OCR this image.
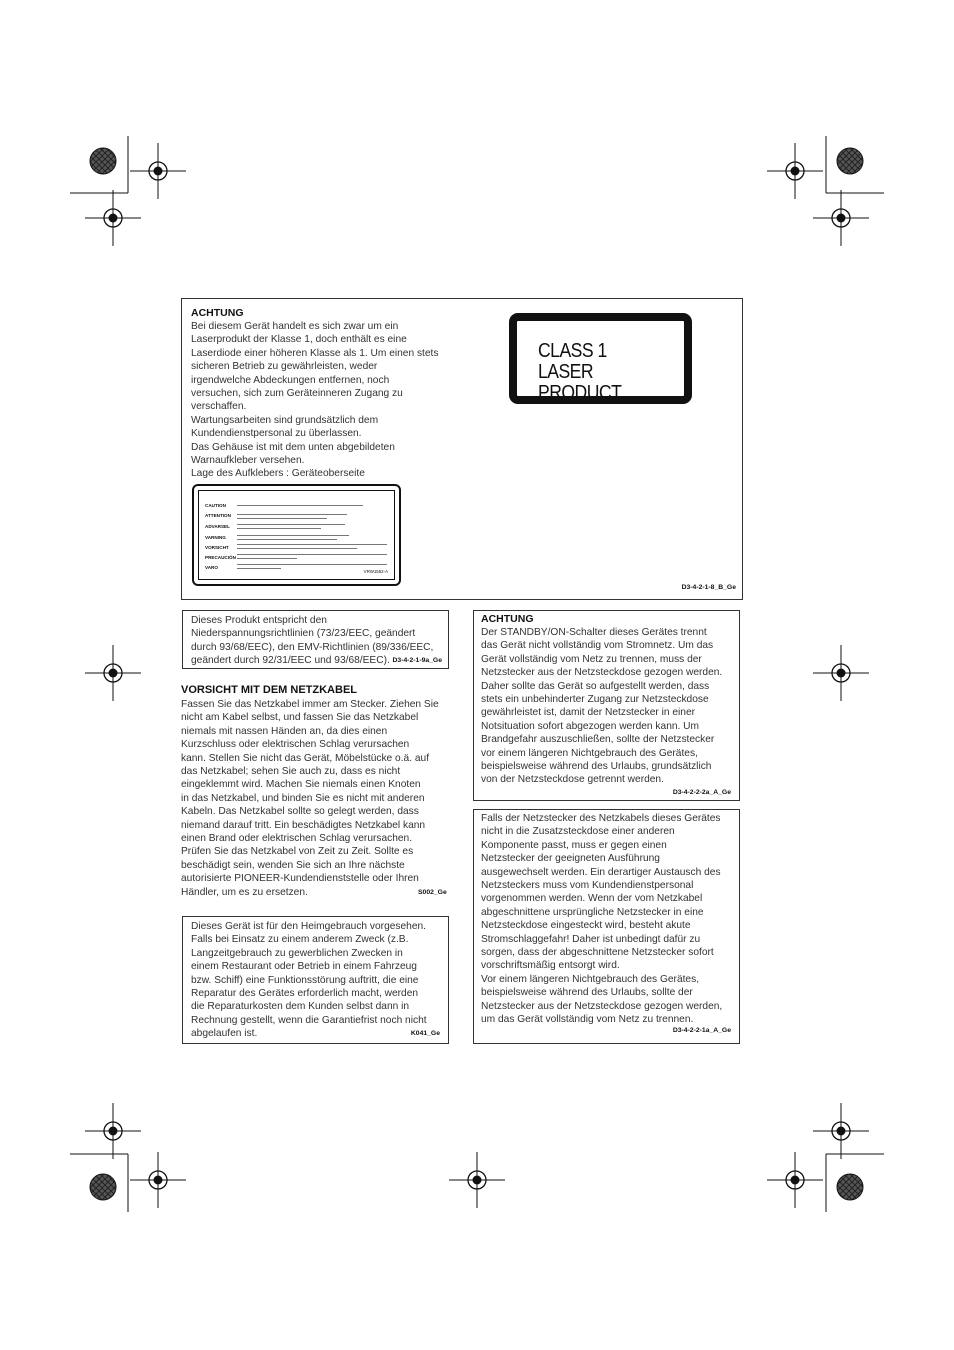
ACHTUNG

Bei diesem Gerät handelt es sich zwar um ein
Laserprodukt der Klasse 1, doch enthält es eine
Laserdiode einer höheren Klasse als 1. Um einen stets
sicheren Betrieb zu gewährleisten, weder
irgendwelche Abdeckungen entfernen, noch
versuchen, sich zum Geräteinneren Zugang zu
verschaffen.
Wartungsarbeiten sind grundsätzlich dem
Kundendienstpersonal zu überlassen.
Das Gehäuse ist mit dem unten abgebildeten
Warnaufkleber versehen.
Lage des Aufklebers : Geräteoberseite

D3-4-2-1-8_B_Ge
CLASS 1
LASER PRODUCT
CAUTION
ATTENTION
ADVARSEL
VARNING
VORSICHT
PRECAUCIÓN
VARO
VRW1552-A

Dieses Produkt entspricht den
Niederspannungsrichtlinien (73/23/EEC, geändert
durch 93/68/EEC), den EMV-Richtlinien (89/336/EEC,
geändert durch 92/31/EEC und 93/68/EEC). D3-4-2-1-9a_Ge

VORSICHT MIT DEM NETZKABEL

Fassen Sie das Netzkabel immer am Stecker. Ziehen Sie
nicht am Kabel selbst, und fassen Sie das Netzkabel
niemals mit nassen Händen an, da dies einen
Kurzschluss oder elektrischen Schlag verursachen
kann. Stellen Sie nicht das Gerät, Möbelstücke o.ä. auf
das Netzkabel; sehen Sie auch zu, dass es nicht
eingeklemmt wird. Machen Sie niemals einen Knoten
in das Netzkabel, und binden Sie es nicht mit anderen
Kabeln. Das Netzkabel sollte so gelegt werden, dass
niemand darauf tritt. Ein beschädigtes Netzkabel kann
einen Brand oder elektrischen Schlag verursachen.
Prüfen Sie das Netzkabel von Zeit zu Zeit. Sollte es
beschädigt sein, wenden Sie sich an Ihre nächste
autorisierte PIONEER-Kundendienststelle oder Ihren
Händler, um es zu ersetzen.	S002_Ge

Dieses Gerät ist für den Heimgebrauch vorgesehen.
Falls bei Einsatz zu einem anderem Zweck (z.B.
Langzeitgebrauch zu gewerblichen Zwecken in
einem Restaurant oder Betrieb in einem Fahrzeug
bzw. Schiff) eine Funktionsstörung auftritt, die eine
Reparatur des Gerätes erforderlich macht, werden
die Reparaturkosten dem Kunden selbst dann in
Rechnung gestellt, wenn die Garantiefrist noch nicht
abgelaufen ist.	K041_Ge

ACHTUNG

Der STANDBY/ON-Schalter dieses Gerätes trennt
das Gerät nicht vollständig vom Stromnetz. Um das
Gerät vollständig vom Netz zu trennen, muss der
Netzstecker aus der Netzsteckdose gezogen werden.
Daher sollte das Gerät so aufgestellt werden, dass
stets ein unbehinderter Zugang zur Netzsteckdose
gewährleistet ist, damit der Netzstecker in einer
Notsituation sofort abgezogen werden kann. Um
Brandgefahr auszuschließen, sollte der Netzstecker
vor einem längeren Nichtgebrauch des Gerätes,
beispielsweise während des Urlaubs, grundsätzlich
von der Netzsteckdose getrennt werden.

D3-4-2-2-2a_A_Ge

Falls der Netzstecker des Netzkabels dieses Gerätes
nicht in die Zusatzsteckdose einer anderen
Komponente passt, muss er gegen einen
Netzstecker der geeigneten Ausführung
ausgewechselt werden. Ein derartiger Austausch des
Netzsteckers muss vom Kundendienstpersonal
vorgenommen werden. Wenn der vom Netzkabel
abgeschnittene ursprüngliche Netzstecker in eine
Netzsteckdose eingesteckt wird, besteht akute
Stromschlaggefahr! Daher ist unbedingt dafür zu
sorgen, dass der abgeschnittene Netzstecker sofort
vorschriftsmäßig entsorgt wird.
Vor einem längeren Nichtgebrauch des Gerätes,
beispielsweise während des Urlaubs, sollte der
Netzstecker aus der Netzsteckdose gezogen werden,
um das Gerät vollständig vom Netz zu trennen.

D3-4-2-2-1a_A_Ge
